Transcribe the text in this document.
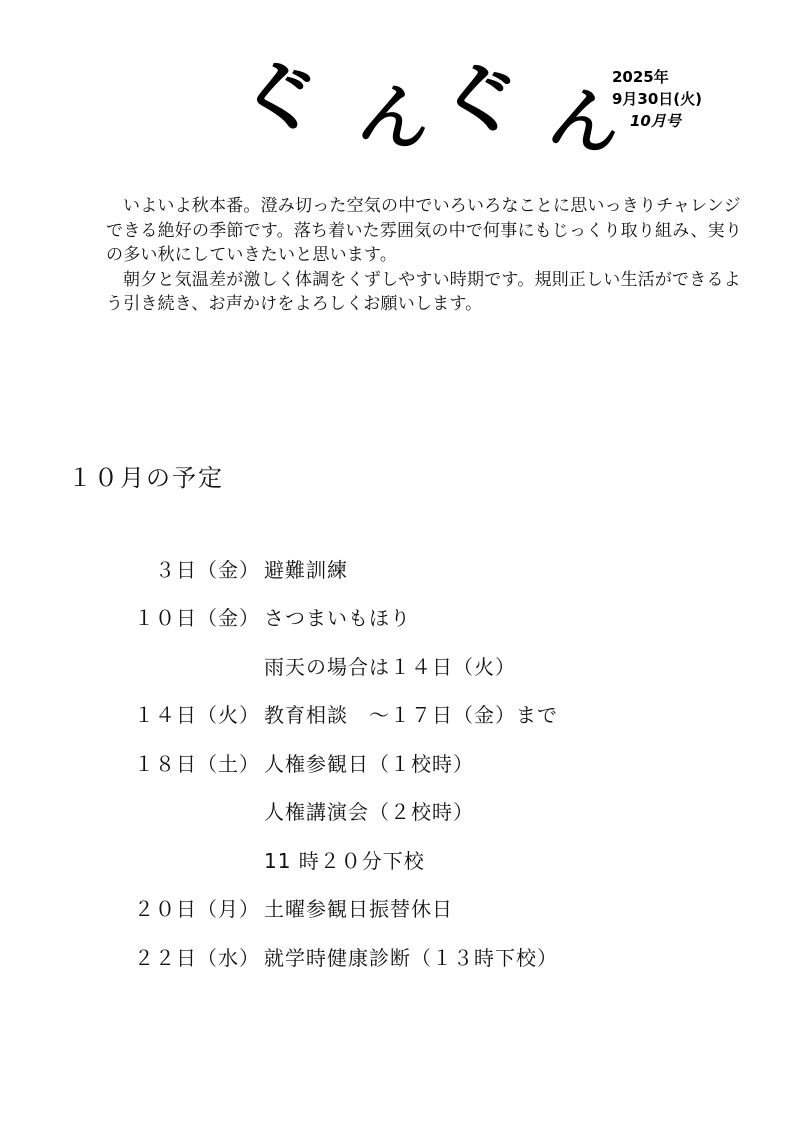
ぐ ん
ぐ ん
2025年
9月30日(火)

10月号

いよいよ秋本番。澄み切った空気の中でいろいろなことに思いっきりチャレンジできる絶好の季節です。落ち着いた雰囲気の中で何事にもじっくり取り組み、実りの多い秋にしていきたいと思います。

朝夕と気温差が激しく体調をくずしやすい時期です。規則正しい生活ができるよう引き続き、お声かけをよろしくお願いします。

１０月の予定
３日（金） 避難訓練
１０日（金） さつまいもほり
雨天の場合は１４日（火）
１４日（火） 教育相談　～１７日（金）まで
１８日（土） 人権参観日（１校時）
人権講演会（２校時）
11 時２０分下校
２０日（月） 土曜参観日振替休日
２２日（水） 就学時健康診断（１３時下校）
